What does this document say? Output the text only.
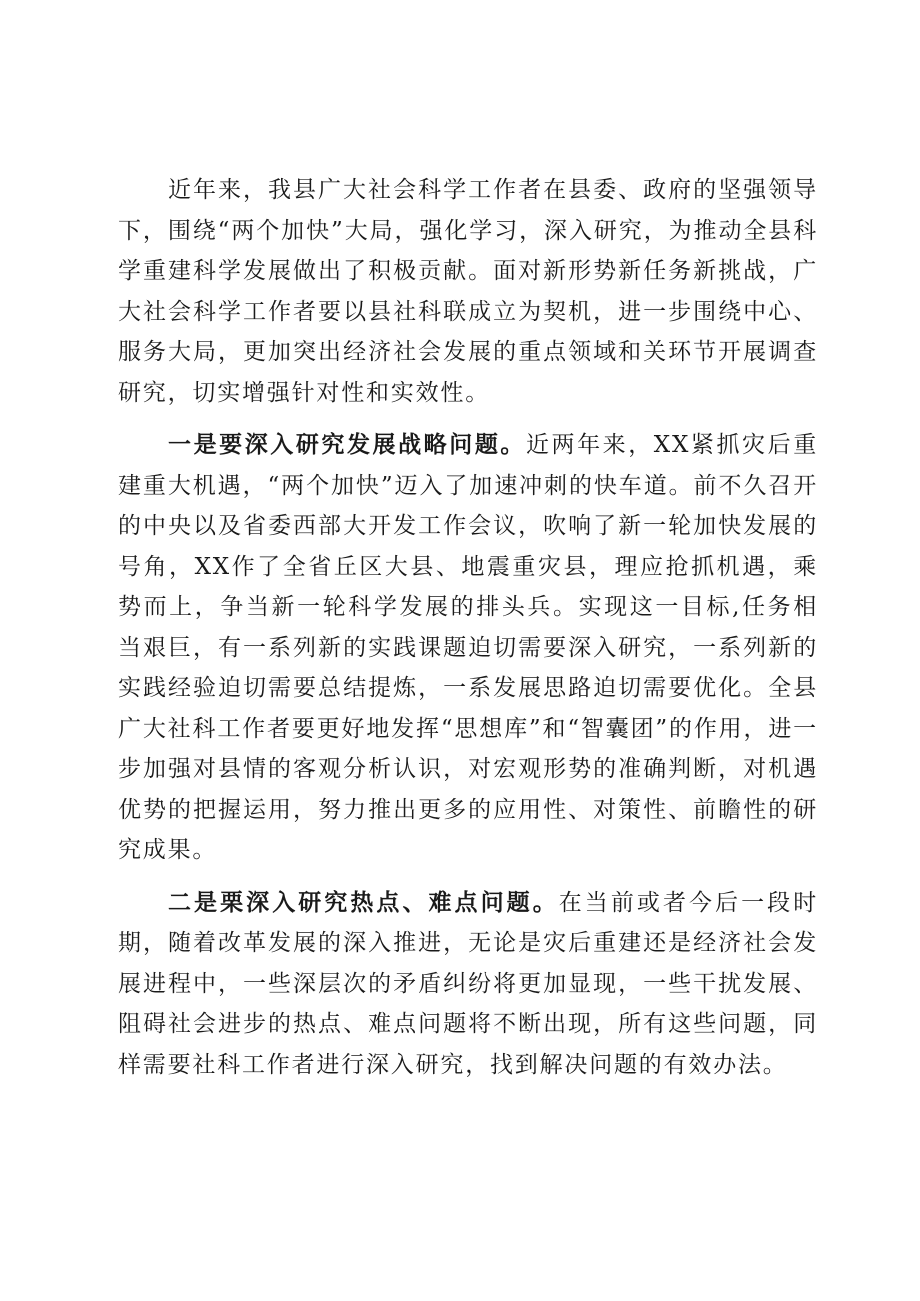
近年来，我县广大社会科学工作者在县委、政府的坚强领导下，围绕“两个加快”大局，强化学习，深入研究，为推动全县科学重建科学发展做出了积极贡献。面对新形势新任务新挑战，广大社会科学工作者要以县社科联成立为契机，进一步围绕中心、服务大局，更加突出经济社会发展的重点领域和关环节开展调查研究，切实增强针对性和实效性。

一是要深入研究发展战略问题。近两年来，XX紧抓灾后重建重大机遇，“两个加快”迈入了加速冲刺的快车道。前不久召开的中央以及省委西部大开发工作会议，吹响了新一轮加快发展的号角，XX作了全省丘区大县、地震重灾县，理应抢抓机遇，乘势而上，争当新一轮科学发展的排头兵。实现这一目标,任务相当艰巨，有一系列新的实践课题迫切需要深入研究，一系列新的实践经验迫切需要总结提炼，一系发展思路迫切需要优化。全县广大社科工作者要更好地发挥“思想库”和“智囊团”的作用，进一步加强对县情的客观分析认识，对宏观形势的准确判断，对机遇优势的把握运用，努力推出更多的应用性、对策性、前瞻性的研究成果。

二是栗深入研究热点、难点问题。在当前或者今后一段时期，随着改革发展的深入推进，无论是灾后重建还是经济社会发展进程中，一些深层次的矛盾纠纷将更加显现，一些干扰发展、阻碍社会进步的热点、难点问题将不断出现，所有这些问题，同样需要社科工作者进行深入研究，找到解决问题的有效办法。
